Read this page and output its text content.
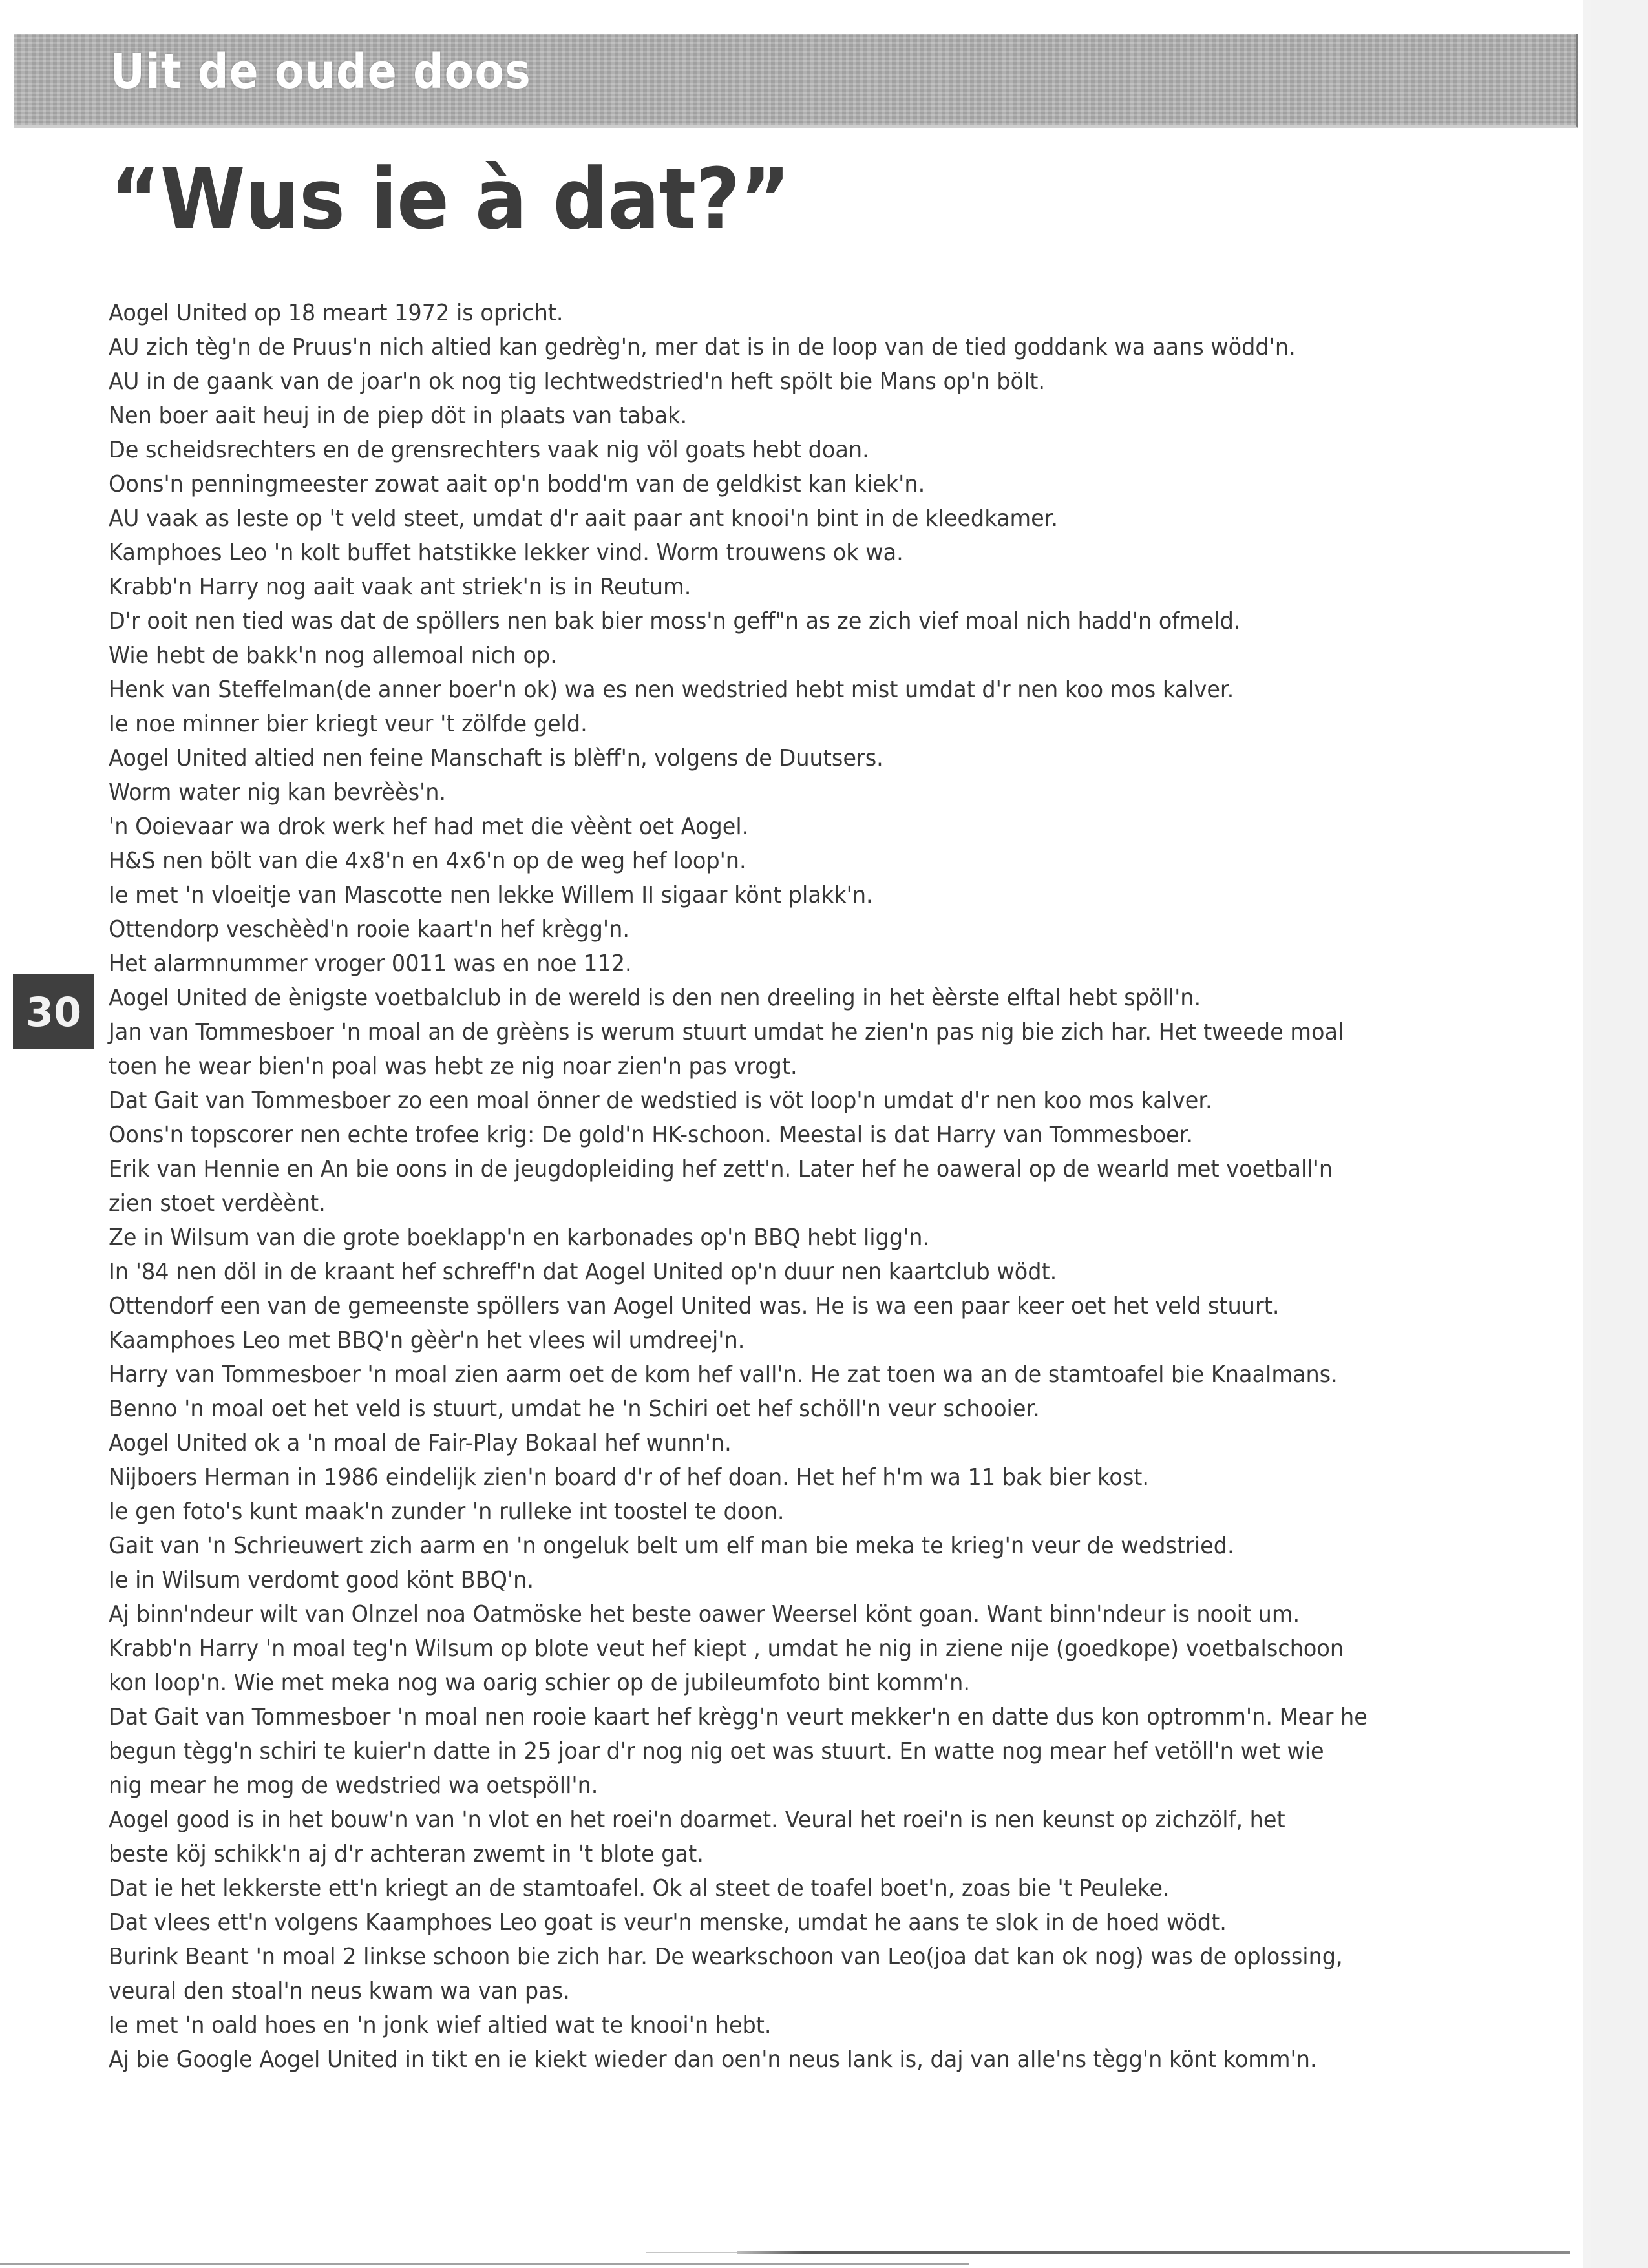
Uit de oude doos
“Wus ie à dat?”
Aogel United op 18 meart 1972 is opricht.
AU zich tèg'n de Pruus'n nich altied kan gedrèg'n, mer dat is in de loop van de tied goddank wa aans wödd'n.
AU in de gaank van de joar'n ok nog tig lechtwedstried'n heft spölt bie Mans op'n bölt.
Nen boer aait heuj in de piep döt in plaats van tabak.
De scheidsrechters en de grensrechters vaak nig völ goats hebt doan.
Oons'n penningmeester zowat aait op'n bodd'm van de geldkist kan kiek'n.
AU vaak as leste op 't veld steet, umdat d'r aait paar ant knooi'n bint in de kleedkamer.
Kamphoes Leo 'n kolt buffet hatstikke lekker vind. Worm trouwens ok wa.
Krabb'n Harry nog aait vaak ant striek'n is in Reutum.
D'r ooit nen tied was dat de spöllers nen bak bier moss'n geff"n as ze zich vief moal nich hadd'n ofmeld.
Wie hebt de bakk'n nog allemoal nich op.
Henk van Steffelman(de anner boer'n ok) wa es nen wedstried hebt mist umdat d'r nen koo mos kalver.
Ie noe minner bier kriegt veur 't zölfde geld.
Aogel United altied nen feine Manschaft is blèff'n, volgens de Duutsers.
Worm water nig kan bevrèès'n.
'n Ooievaar wa drok werk hef had met die vèènt oet Aogel.
H&S nen bölt van die 4x8'n en 4x6'n op de weg hef loop'n.
Ie met 'n vloeitje van Mascotte nen lekke Willem II sigaar könt plakk'n.
Ottendorp veschèèd'n rooie kaart'n hef krègg'n.
Het alarmnummer vroger 0011 was en noe 112.
Aogel United de ènigste voetbalclub in de wereld is den nen dreeling in het èèrste elftal hebt spöll'n.
Jan van Tommesboer 'n moal an de grèèns is werum stuurt umdat he zien'n pas nig bie zich har. Het tweede moal
toen he wear bien'n poal was hebt ze nig noar zien'n pas vrogt.
Dat Gait van Tommesboer zo een moal önner de wedstied is vöt loop'n umdat d'r nen koo mos kalver.
Oons'n topscorer nen echte trofee krig: De gold'n HK-schoon. Meestal is dat Harry van Tommesboer.
Erik van Hennie en An bie oons in de jeugdopleiding hef zett'n. Later hef he oaweral op de wearld met voetball'n
zien stoet verdèènt.
Ze in Wilsum van die grote boeklapp'n en karbonades op'n BBQ hebt ligg'n.
In '84 nen döl in de kraant hef schreff'n dat Aogel United op'n duur nen kaartclub wödt.
Ottendorf een van de gemeenste spöllers van Aogel United was. He is wa een paar keer oet het veld stuurt.
Kaamphoes Leo met BBQ'n gèèr'n het vlees wil umdreej'n.
Harry van Tommesboer 'n moal zien aarm oet de kom hef vall'n. He zat toen wa an de stamtoafel bie Knaalmans.
Benno 'n moal oet het veld is stuurt, umdat he 'n Schiri oet hef schöll'n veur schooier.
Aogel United ok a 'n moal de Fair-Play Bokaal hef wunn'n.
Nijboers Herman in 1986 eindelijk zien'n board d'r of hef doan. Het hef h'm wa 11 bak bier kost.
Ie gen foto's kunt maak'n zunder 'n rulleke int toostel te doon.
Gait van 'n Schrieuwert zich aarm en 'n ongeluk belt um elf man bie meka te krieg'n veur de wedstried.
Ie in Wilsum verdomt good könt BBQ'n.
Aj binn'ndeur wilt van Olnzel noa Oatmöske het beste oawer Weersel könt goan. Want binn'ndeur is nooit um.
Krabb'n Harry 'n moal teg'n Wilsum op blote veut hef kiept , umdat he nig in ziene nije (goedkope) voetbalschoon
kon loop'n. Wie met meka nog wa oarig schier op de jubileumfoto bint komm'n.
Dat Gait van Tommesboer 'n moal nen rooie kaart hef krègg'n veurt mekker'n en datte dus kon optromm'n. Mear he
begun tègg'n schiri te kuier'n datte in 25 joar d'r nog nig oet was stuurt. En watte nog mear hef vetöll'n wet wie
nig mear he mog de wedstried wa oetspöll'n.
Aogel good is in het bouw'n van 'n vlot en het roei'n doarmet. Veural het roei'n is nen keunst op zichzölf, het
beste köj schikk'n aj d'r achteran zwemt in 't blote gat.
Dat ie het lekkerste ett'n kriegt an de stamtoafel. Ok al steet de toafel boet'n, zoas bie 't Peuleke.
Dat vlees ett'n volgens Kaamphoes Leo goat is veur'n menske, umdat he aans te slok in de hoed wödt.
Burink Beant 'n moal 2 linkse schoon bie zich har. De wearkschoon van Leo(joa dat kan ok nog) was de oplossing,
veural den stoal'n neus kwam wa van pas.
Ie met 'n oald hoes en 'n jonk wief altied wat te knooi'n hebt.
Aj bie Google Aogel United in tikt en ie kiekt wieder dan oen'n neus lank is, daj van alle'ns tègg'n könt komm'n.
30
